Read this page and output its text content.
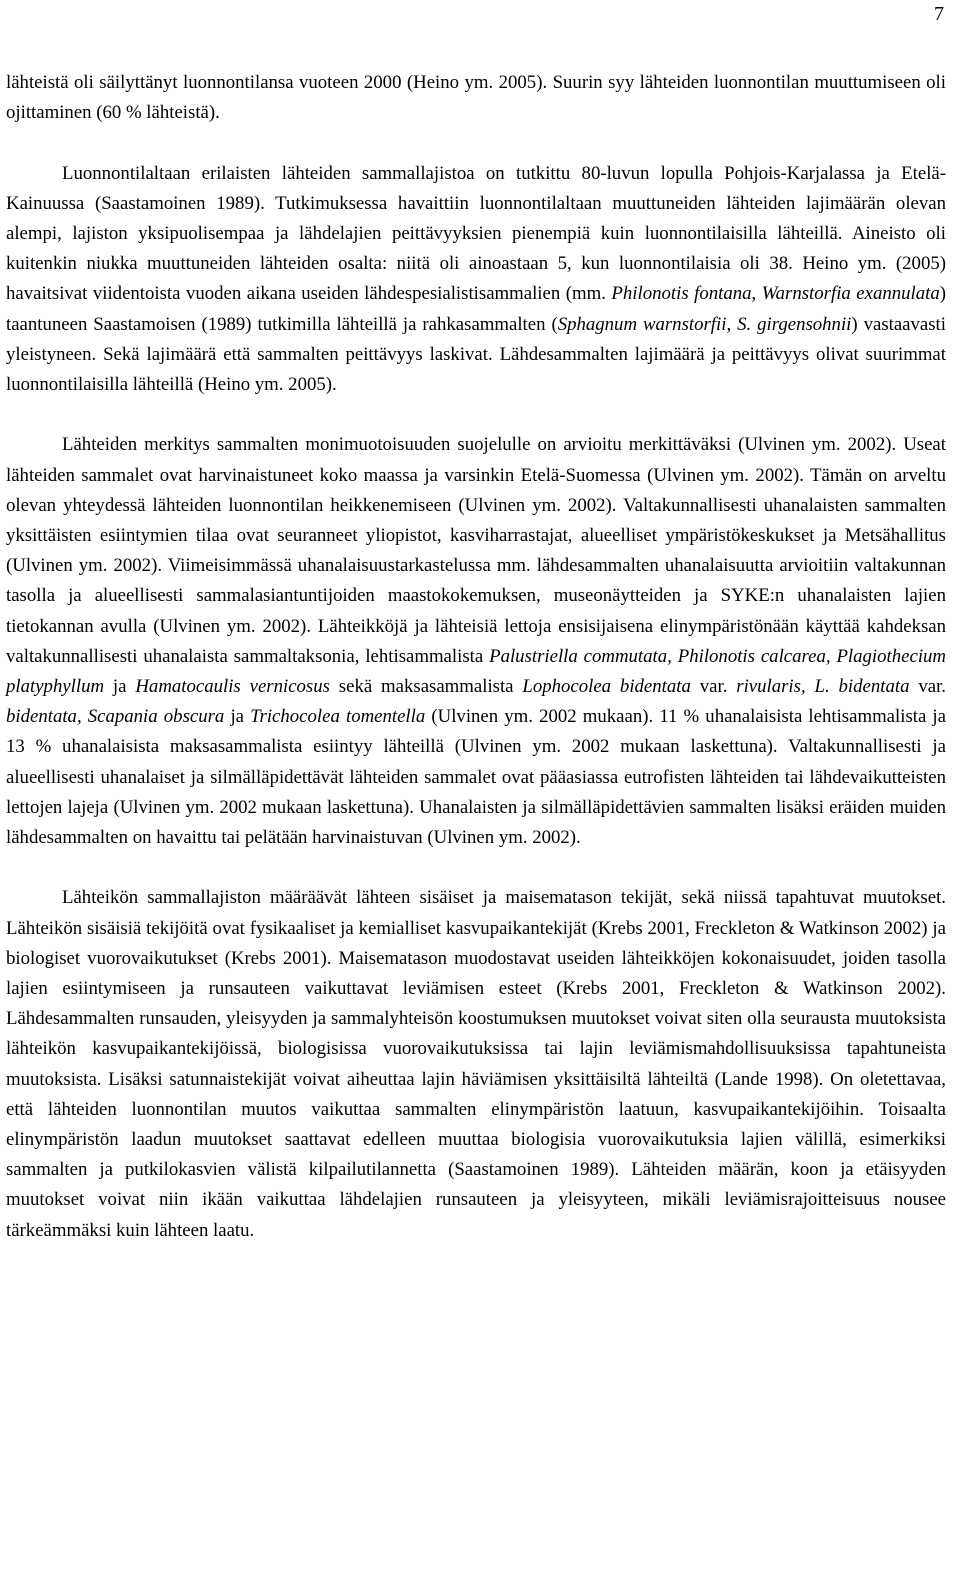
7

lähteistä oli säilyttänyt luonnontilansa vuoteen 2000 (Heino ym. 2005). Suurin syy lähteiden luonnontilan muuttumiseen oli ojittaminen (60 % lähteistä).

Luonnontilaltaan erilaisten lähteiden sammallajistoa on tutkittu 80-luvun lopulla Pohjois-Karjalassa ja Etelä-Kainuussa (Saastamoinen 1989). Tutkimuksessa havaittiin luonnontilaltaan muuttuneiden lähteiden lajimäärän olevan alempi, lajiston yksipuolisempaa ja lähdelajien peittävyyksien pienempiä kuin luonnontilaisilla lähteillä. Aineisto oli kuitenkin niukka muuttuneiden lähteiden osalta: niitä oli ainoastaan 5, kun luonnontilaisia oli 38. Heino ym. (2005) havaitsivat viidentoista vuoden aikana useiden lähdespesialistisammalien (mm. Philonotis fontana, Warnstorfia exannulata) taantuneen Saastamoisen (1989) tutkimilla lähteillä ja rahkasammalten (Sphagnum warnstorfii, S. girgensohnii) vastaavasti yleistyneen. Sekä lajimäärä että sammalten peittävyys laskivat. Lähdesammalten lajimäärä ja peittävyys olivat suurimmat luonnontilaisilla lähteillä (Heino ym. 2005).

Lähteiden merkitys sammalten monimuotoisuuden suojelulle on arvioitu merkittäväksi (Ulvinen ym. 2002). Useat lähteiden sammalet ovat harvinaistuneet koko maassa ja varsinkin Etelä-Suomessa (Ulvinen ym. 2002). Tämän on arveltu olevan yhteydessä lähteiden luonnontilan heikkenemiseen (Ulvinen ym. 2002). Valtakunnallisesti uhanalaisten sammalten yksittäisten esiintymien tilaa ovat seuranneet yliopistot, kasviharrastajat, alueelliset ympäristökeskukset ja Metsähallitus (Ulvinen ym. 2002). Viimeisimmässä uhanalaisuustarkastelussa mm. lähdesammalten uhanalaisuutta arvioitiin valtakunnan tasolla ja alueellisesti sammalasiantuntijoiden maastokokemuksen, museonäytteiden ja SYKE:n uhanalaisten lajien tietokannan avulla (Ulvinen ym. 2002). Lähteikköjä ja lähteisiä lettoja ensisijaisena elinympäristönään käyttää kahdeksan valtakunnallisesti uhanalaista sammaltaksonia, lehtisammalista Palustriella commutata, Philonotis calcarea, Plagiothecium platyphyllum ja Hamatocaulis vernicosus sekä maksasammalista Lophocolea bidentata var. rivularis, L. bidentata var. bidentata, Scapania obscura ja Trichocolea tomentella (Ulvinen ym. 2002 mukaan). 11 % uhanalaisista lehtisammalista ja 13 % uhanalaisista maksasammalista esiintyy lähteillä (Ulvinen ym. 2002 mukaan laskettuna). Valtakunnallisesti ja alueellisesti uhanalaiset ja silmälläpidettävät lähteiden sammalet ovat pääasiassa eutrofisten lähteiden tai lähdevaikutteisten lettojen lajeja (Ulvinen ym. 2002 mukaan laskettuna). Uhanalaisten ja silmälläpidettävien sammalten lisäksi eräiden muiden lähdesammalten on havaittu tai pelätään harvinaistuvan (Ulvinen ym. 2002).

Lähteikön sammallajiston määräävät lähteen sisäiset ja maisematason tekijät, sekä niissä tapahtuvat muutokset. Lähteikön sisäisiä tekijöitä ovat fysikaaliset ja kemialliset kasvupaikantekijät (Krebs 2001, Freckleton & Watkinson 2002) ja biologiset vuorovaikutukset (Krebs 2001). Maisematason muodostavat useiden lähteikköjen kokonaisuudet, joiden tasolla lajien esiintymiseen ja runsauteen vaikuttavat leviämisen esteet (Krebs 2001, Freckleton & Watkinson 2002). Lähdesammalten runsauden, yleisyyden ja sammalyhteisön koostumuksen muutokset voivat siten olla seurausta muutoksista lähteikön kasvupaikantekijöissä, biologisissa vuorovaikutuksissa tai lajin leviämismahdollisuuksissa tapahtuneista muutoksista. Lisäksi satunnaistekijät voivat aiheuttaa lajin häviämisen yksittäisiltä lähteiltä (Lande 1998). On oletettavaa, että lähteiden luonnontilan muutos vaikuttaa sammalten elinympäristön laatuun, kasvupaikantekijöihin. Toisaalta elinympäristön laadun muutokset saattavat edelleen muuttaa biologisia vuorovaikutuksia lajien välillä, esimerkiksi sammalten ja putkilokasvien välistä kilpailutilannetta (Saastamoinen 1989). Lähteiden määrän, koon ja etäisyyden muutokset voivat niin ikään vaikuttaa lähdelajien runsauteen ja yleisyyteen, mikäli leviämisrajoitteisuus nousee tärkeämmäksi kuin lähteen laatu.
